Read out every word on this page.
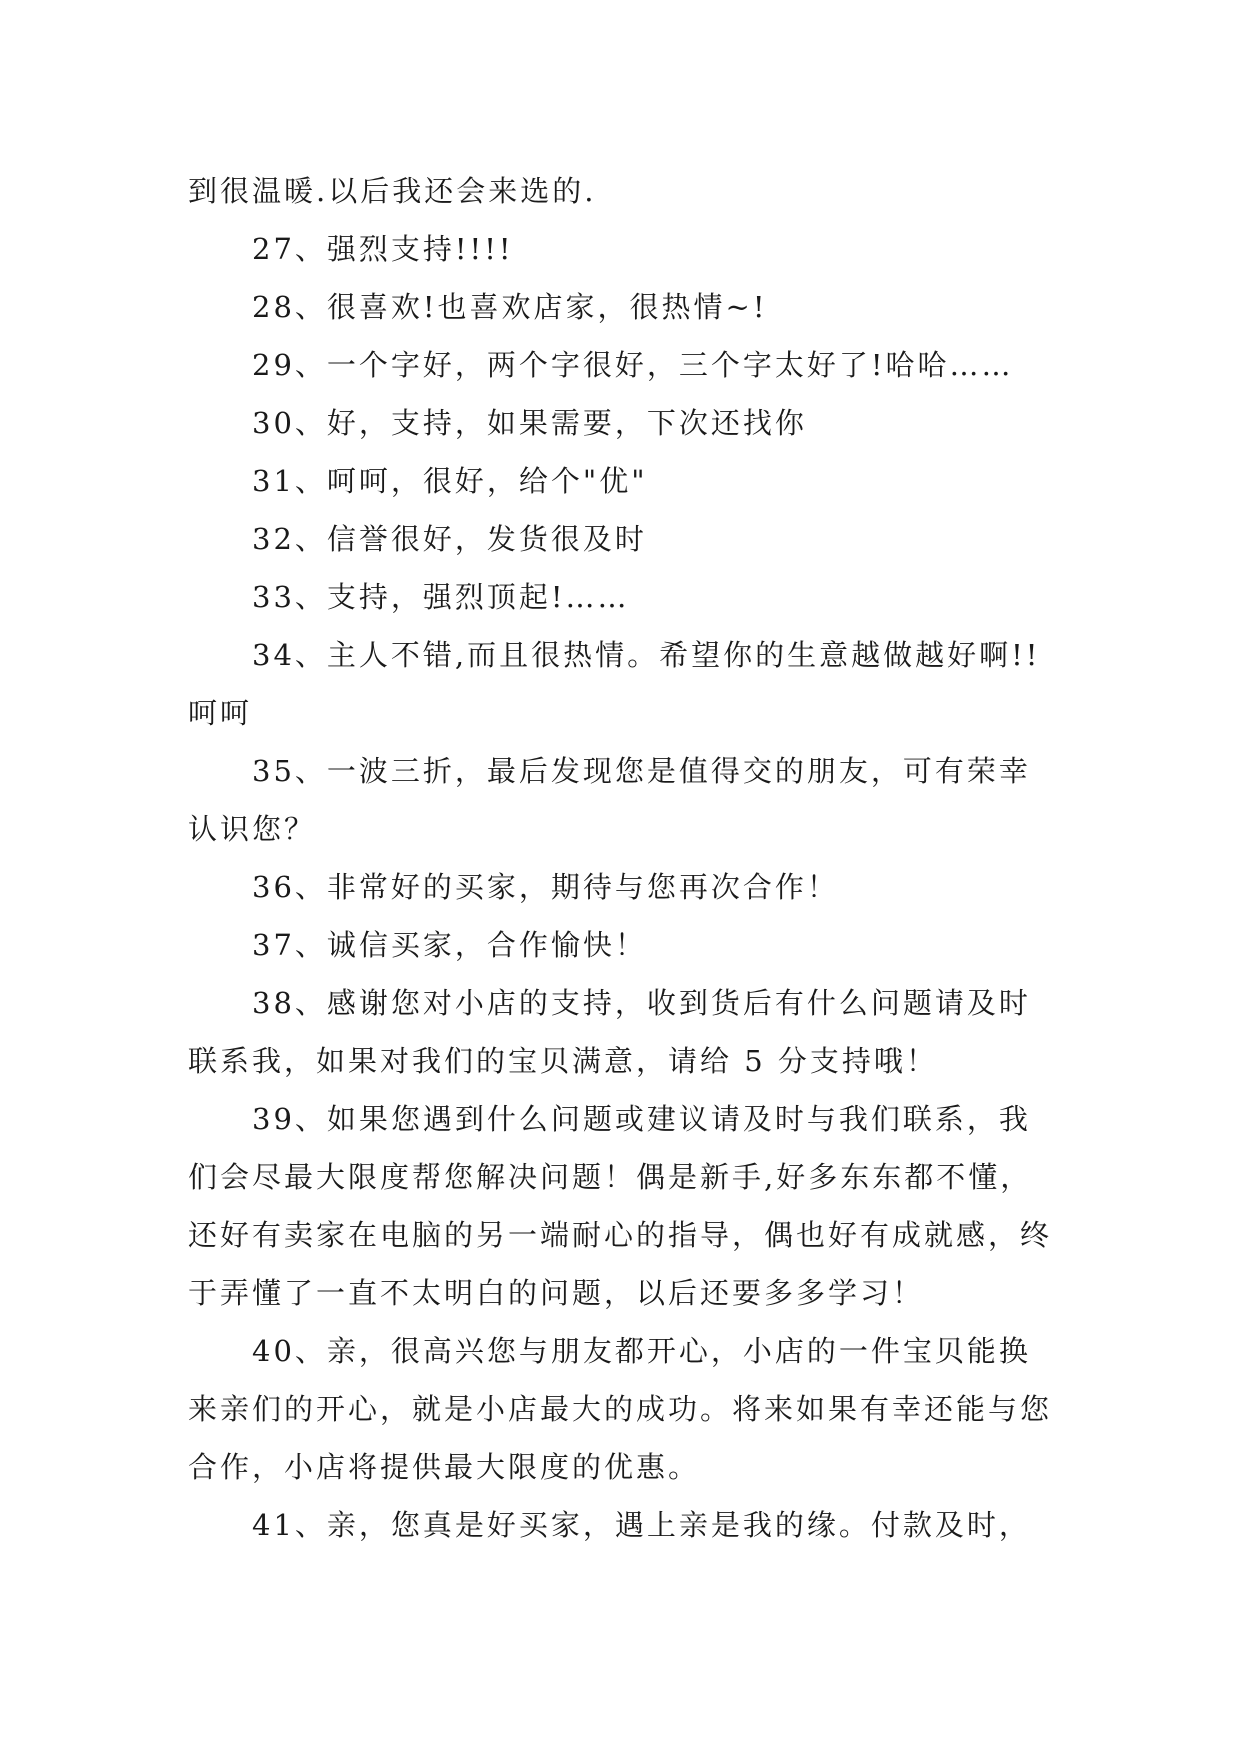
到很温暖.以后我还会来选的.

27、强烈支持!!!!

28、很喜欢!也喜欢店家，很热情~!

29、一个字好，两个字很好，三个字太好了!哈哈……

30、好，支持，如果需要，下次还找你

31、呵呵，很好，给个"优"

32、信誉很好，发货很及时

33、支持，强烈顶起!……

34、主人不错,而且很热情。希望你的生意越做越好啊!!呵呵

35、一波三折，最后发现您是值得交的朋友，可有荣幸认识您？

36、非常好的买家，期待与您再次合作！

37、诚信买家，合作愉快！

38、感谢您对小店的支持，收到货后有什么问题请及时联系我，如果对我们的宝贝满意，请给 5 分支持哦！

39、如果您遇到什么问题或建议请及时与我们联系，我们会尽最大限度帮您解决问题！偶是新手,好多东东都不懂，还好有卖家在电脑的另一端耐心的指导，偶也好有成就感，终于弄懂了一直不太明白的问题，以后还要多多学习！

40、亲，很高兴您与朋友都开心，小店的一件宝贝能换来亲们的开心，就是小店最大的成功。将来如果有幸还能与您合作，小店将提供最大限度的优惠。

41、亲，您真是好买家，遇上亲是我的缘。付款及时，
